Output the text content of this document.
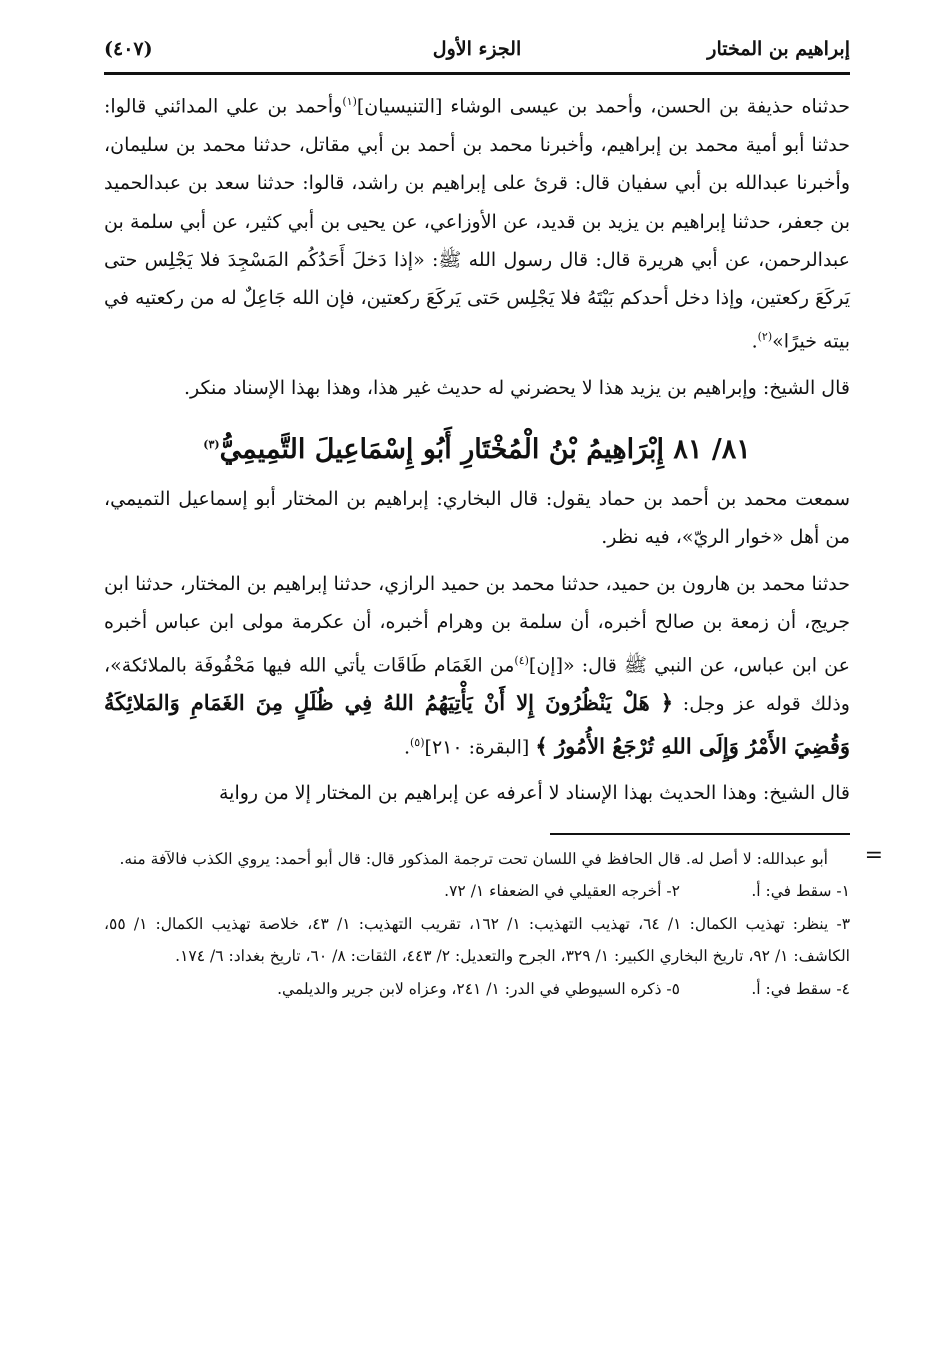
إبراهيم بن المختار
الجزء الأول
(٤٠٧)

حدثناه حذيفة بن الحسن، وأحمد بن عيسى الوشاء [التنيسيان]$^{(١)}$وأحمد بن علي المدائني قالوا: حدثنا أبو أمية محمد بن إبراهيم، وأخبرنا محمد بن أحمد بن أبي مقاتل، حدثنا محمد بن سليمان، وأخبرنا عبدالله بن أبي سفيان قال: قرئ على إبراهيم بن راشد، قالوا: حدثنا سعد بن عبدالحميد بن جعفر، حدثنا إبراهيم بن يزيد بن قديد، عن الأوزاعي، عن يحيى بن أبي كثير، عن أبي سلمة بن عبدالرحمن، عن أبي هريرة قال: قال رسول الله ﷺ: «إذا دَخلَ أَحَدُكُم المَسْجِدَ فلا يَجْلِس حتى يَركَعَ ركعتين، وإذا دخل أحدكم بَيْتَهُ فلا يَجْلِس حَتى يَركَعَ ركعتين، فإن الله جَاعِلٌ له من ركعتيه في بيته خيرًا»$^{(٢)}$.

قال الشيخ: وإبراهيم بن يزيد هذا لا يحضرني له حديث غير هذا، وهذا بهذا الإسناد منكر.

٨١/ ٨١ إِبْرَاهِيمُ بْنُ الْمُخْتَارِ أَبُو إِسْمَاعِيلَ التَّمِيمِيُّ$^{(٣)}$

سمعت محمد بن أحمد بن حماد يقول: قال البخاري: إبراهيم بن المختار أبو إسماعيل التميمي، من أهل «خوار الريّ»، فيه نظر.

حدثنا محمد بن هارون بن حميد، حدثنا محمد بن حميد الرازي، حدثنا إبراهيم بن المختار، حدثنا ابن جريج، أن زمعة بن صالح أخبره، أن سلمة بن وهرام أخبره، أن عكرمة مولى ابن عباس أخبره عن ابن عباس، عن النبي ﷺ قال: «[إن]$^{(٤)}$من الغَمَام طَاقَات يأتي الله فيها مَحْفُوفَة بالملائكة»، وذلك قوله عز وجل: ﴿ هَلْ يَنْظُرُونَ إِلا أَنْ يَأْتِيَهُمُ اللهُ فِي ظُلَلٍ مِنَ الغَمَامِ وَالمَلائِكَةُ وَقُضِيَ الأَمْرُ وَإِلَى اللهِ تُرْجَعُ الأُمُورُ ﴾ [البقرة: ٢١٠]$^{(٥)}$.

قال الشيخ: وهذا الحديث بهذا الإسناد لا أعرفه عن إبراهيم بن المختار إلا من رواية

=

أبو عبدالله: لا أصل له. قال الحافظ في اللسان تحت ترجمة المذكور قال: قال أبو أحمد: يروي الكذب فالآفة منه.

١- سقط في: أ.
٢- أخرجه العقيلي في الضعفاء ١/ ٧٢.

٣- ينظر: تهذيب الكمال: ١/ ٦٤، تهذيب التهذيب: ١/ ١٦٢، تقريب التهذيب: ١/ ٤٣، خلاصة تهذيب الكمال: ١/ ٥٥، الكاشف: ١/ ٩٢، تاريخ البخاري الكبير: ١/ ٣٢٩، الجرح والتعديل: ٢/ ٤٤٣، الثقات: ٨/ ٦٠، تاريخ بغداد: ٦/ ١٧٤.

٤- سقط في: أ.
٥- ذكره السيوطي في الدر: ١/ ٢٤١، وعزاه لابن جرير والديلمي.
